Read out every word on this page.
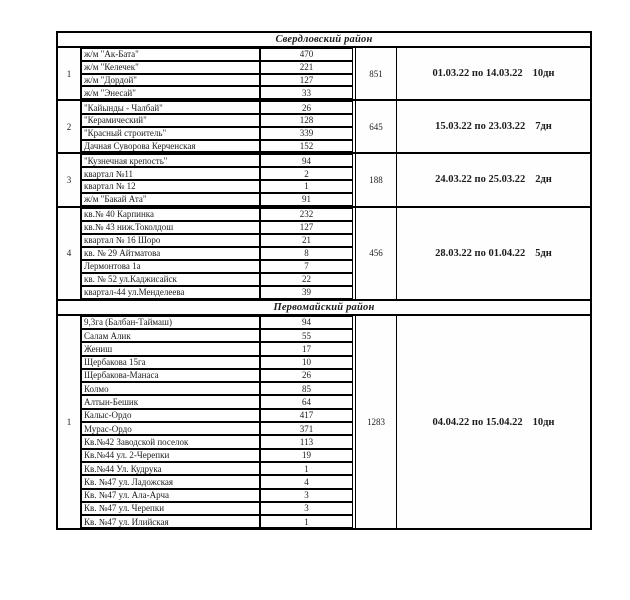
Свердловский район
1
ж/м "Ак-Бата"	470
ж/м "Келечек"	221
ж/м "Дордой"	127
ж/м "Энесай"	33
851	01.03.22 по 14.03.22 10дн
2
"Кайынды - Чалбай"	26
"Керамический"	128
"Красный строитель"	339
Дачная Суворова Керченская	152
645	15.03.22 по 23.03.22 7дн
3
"Кузнечная крепость"	94
квартал №11	2
квартал № 12	1
ж/м "Бакай Ата"	91
188	24.03.22 по 25.03.22 2дн
4
кв.№ 40 Карпинка	232
кв.№ 43 ниж.Токолдош	127
квартал № 16 Шоро	21
кв. № 29 Айтматова	8
Лермонтова 1а	7
кв. № 52 ул.Каджисайск	22
квартал-44 ул.Менделеева	39
456	28.03.22 по 01.04.22 5дн
Первомайский район
1
9,3га (Балбан-Таймаш)	94
Салам Алик	55
Жениш	17
Щербакова 15га	10
Щербакова-Манаса	26
Колмо	85
Алтын-Бешик	64
Калыс-Ордо	417
Мурас-Ордо	371
Кв.№42 Заводской поселок	113
Кв.№44 ул. 2-Черепки	19
Кв.№44 Ул. Кудрука	1
Кв. №47 ул. Ладожская	4
Кв. №47 ул. Ала-Арча	3
Кв. №47 ул. Черепки	3
Кв. №47 ул. Илийская	1
1283	04.04.22 по 15.04.22 10дн
